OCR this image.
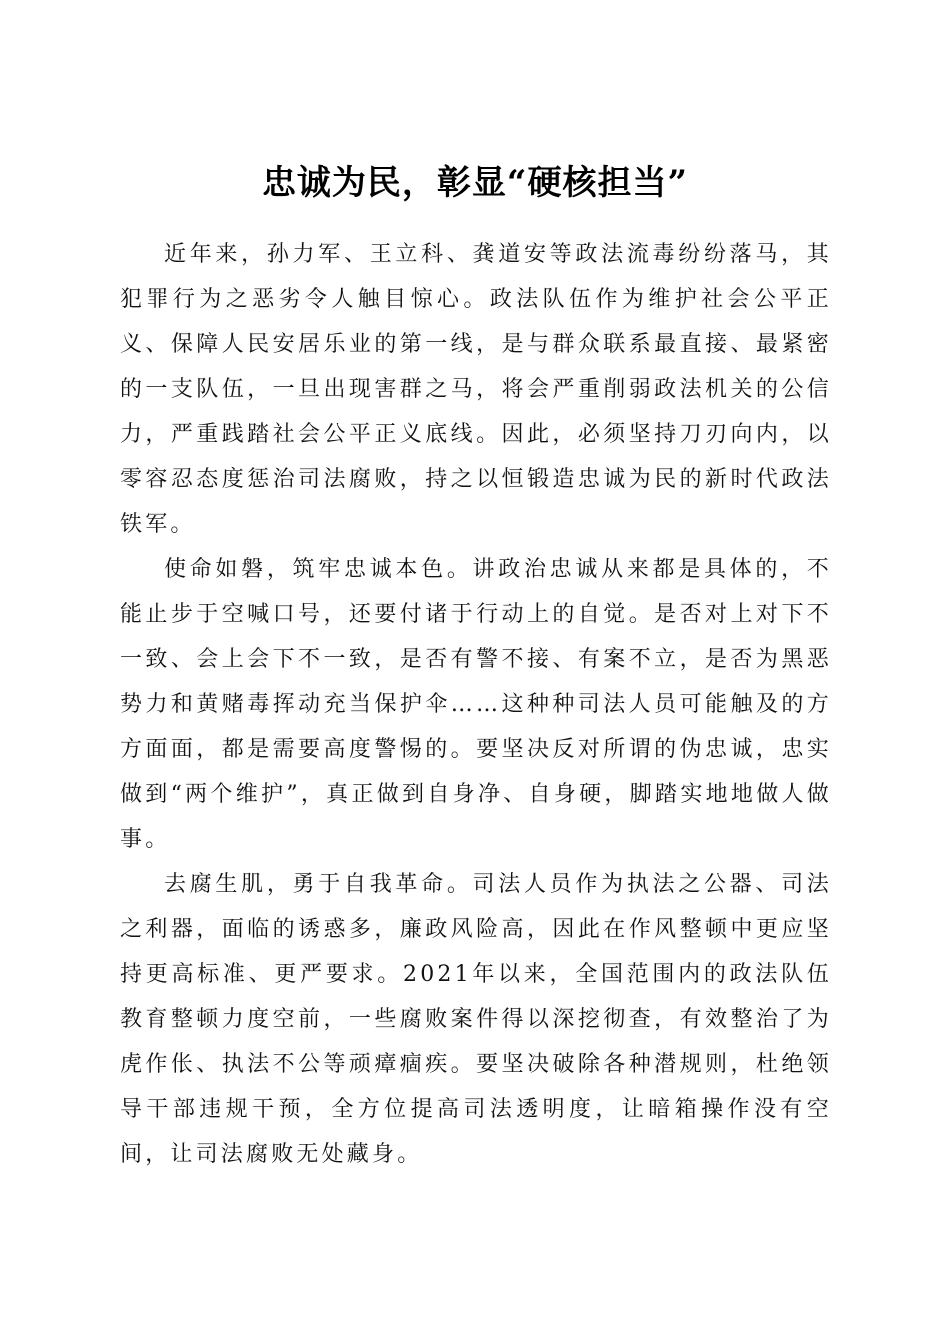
忠诚为民，彰显“硬核担当”

近年来，孙力军、王立科、龚道安等政法流毒纷纷落马，其犯罪行为之恶劣令人触目惊心。政法队伍作为维护社会公平正义、保障人民安居乐业的第一线，是与群众联系最直接、最紧密的一支队伍，一旦出现害群之马，将会严重削弱政法机关的公信力，严重践踏社会公平正义底线。因此，必须坚持刀刃向内，以零容忍态度惩治司法腐败，持之以恒锻造忠诚为民的新时代政法铁军。

使命如磐，筑牢忠诚本色。讲政治忠诚从来都是具体的，不能止步于空喊口号，还要付诸于行动上的自觉。是否对上对下不一致、会上会下不一致，是否有警不接、有案不立，是否为黑恶势力和黄赌毒挥动充当保护伞……这种种司法人员可能触及的方方面面，都是需要高度警惕的。要坚决反对所谓的伪忠诚，忠实做到“两个维护”，真正做到自身净、自身硬，脚踏实地地做人做事。

去腐生肌，勇于自我革命。司法人员作为执法之公器、司法之利器，面临的诱惑多，廉政风险高，因此在作风整顿中更应坚持更高标准、更严要求。2021年以来，全国范围内的政法队伍教育整顿力度空前，一些腐败案件得以深挖彻查，有效整治了为虎作伥、执法不公等顽瘴痼疾。要坚决破除各种潜规则，杜绝领导干部违规干预，全方位提高司法透明度，让暗箱操作没有空间，让司法腐败无处藏身。
